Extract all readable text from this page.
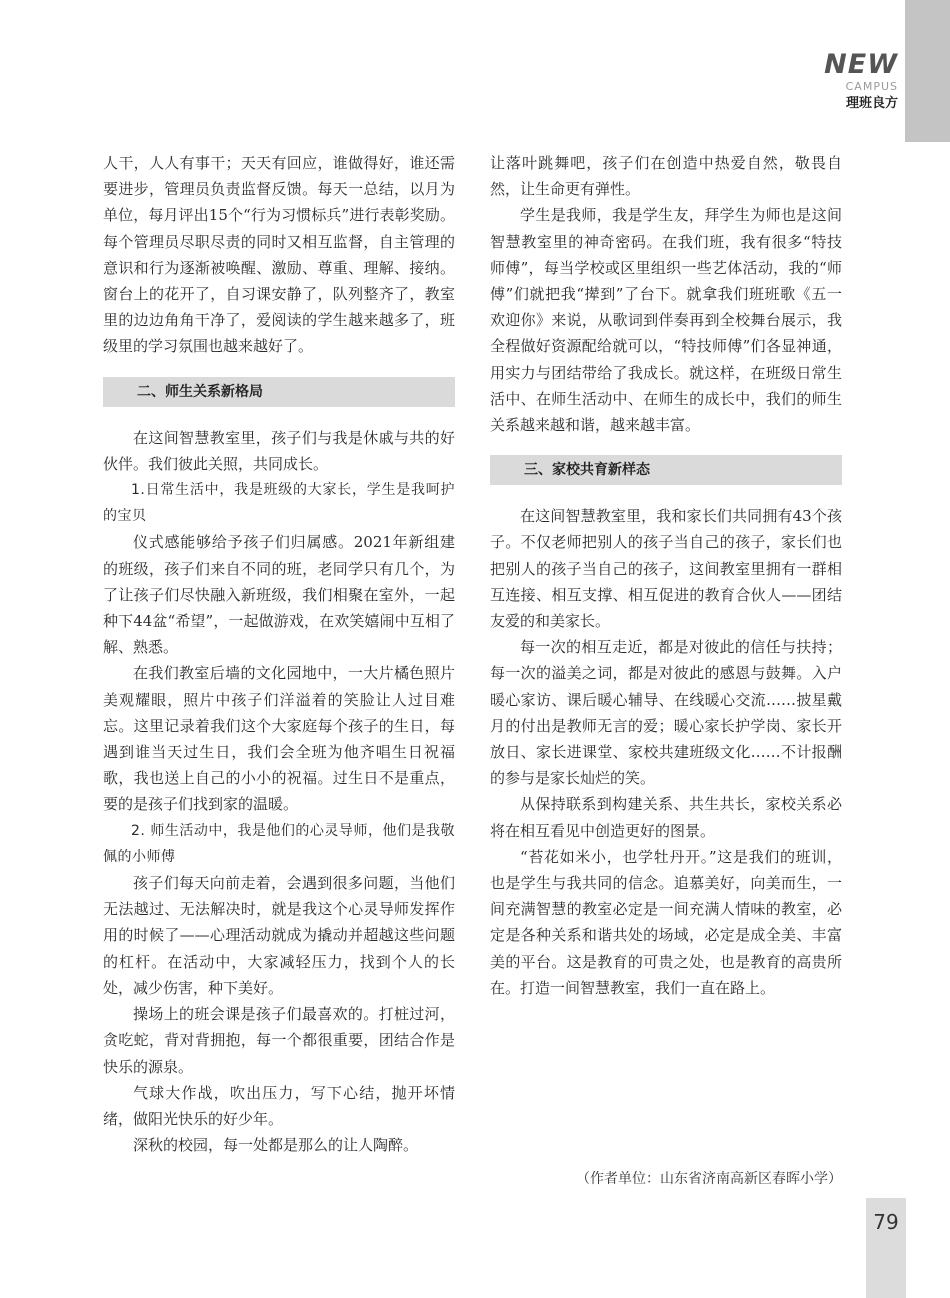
79
NEW
CAMPUS
理班良方

人干，人人有事干；天天有回应，谁做得好，谁还需要进步，管理员负责监督反馈。每天一总结，以月为单位，每月评出15个“行为习惯标兵”进行表彰奖励。每个管理员尽职尽责的同时又相互监督，自主管理的意识和行为逐渐被唤醒、激励、尊重、理解、接纳。窗台上的花开了，自习课安静了，队列整齐了，教室里的边边角角干净了，爱阅读的学生越来越多了，班级里的学习氛围也越来越好了。

二、师生关系新格局

在这间智慧教室里，孩子们与我是休戚与共的好伙伴。我们彼此关照，共同成长。

1.日常生活中，我是班级的大家长，学生是我呵护的宝贝

仪式感能够给予孩子们归属感。2021年新组建的班级，孩子们来自不同的班，老同学只有几个，为了让孩子们尽快融入新班级，我们相聚在室外，一起种下44盆“希望”，一起做游戏，在欢笑嬉闹中互相了解、熟悉。

在我们教室后墙的文化园地中，一大片橘色照片美观耀眼，照片中孩子们洋溢着的笑脸让人过目难忘。这里记录着我们这个大家庭每个孩子的生日，每遇到谁当天过生日，我们会全班为他齐唱生日祝福歌，我也送上自己的小小的祝福。过生日不是重点，要的是孩子们找到家的温暖。

2. 师生活动中，我是他们的心灵导师，他们是我敬佩的小师傅

孩子们每天向前走着，会遇到很多问题，当他们无法越过、无法解决时，就是我这个心灵导师发挥作用的时候了——心理活动就成为撬动并超越这些问题的杠杆。在活动中，大家减轻压力，找到个人的长处，减少伤害，种下美好。

操场上的班会课是孩子们最喜欢的。打桩过河，贪吃蛇，背对背拥抱，每一个都很重要，团结合作是快乐的源泉。

气球大作战，吹出压力，写下心结，抛开坏情绪，做阳光快乐的好少年。

深秋的校园，每一处都是那么的让人陶醉。

让落叶跳舞吧，孩子们在创造中热爱自然，敬畏自然，让生命更有弹性。

学生是我师，我是学生友，拜学生为师也是这间智慧教室里的神奇密码。在我们班，我有很多“特技师傅”，每当学校或区里组织一些艺体活动，我的“师傅”们就把我“撵到”了台下。就拿我们班班歌《五一欢迎你》来说，从歌词到伴奏再到全校舞台展示，我全程做好资源配给就可以，“特技师傅”们各显神通，用实力与团结带给了我成长。就这样，在班级日常生活中、在师生活动中、在师生的成长中，我们的师生关系越来越和谐，越来越丰富。

三、家校共育新样态

在这间智慧教室里，我和家长们共同拥有43个孩子。不仅老师把别人的孩子当自己的孩子，家长们也把别人的孩子当自己的孩子，这间教室里拥有一群相互连接、相互支撑、相互促进的教育合伙人——团结友爱的和美家长。

每一次的相互走近，都是对彼此的信任与扶持；每一次的溢美之词，都是对彼此的感恩与鼓舞。入户暖心家访、课后暖心辅导、在线暖心交流……披星戴月的付出是教师无言的爱；暖心家长护学岗、家长开放日、家长进课堂、家校共建班级文化……不计报酬的参与是家长灿烂的笑。

从保持联系到构建关系、共生共长，家校关系必将在相互看见中创造更好的图景。

“苔花如米小，也学牡丹开。”这是我们的班训，也是学生与我共同的信念。追慕美好，向美而生，一间充满智慧的教室必定是一间充满人情味的教室，必定是各种关系和谐共处的场域，必定是成全美、丰富美的平台。这是教育的可贵之处，也是教育的高贵所在。打造一间智慧教室，我们一直在路上。

（作者单位：山东省济南高新区春晖小学）
